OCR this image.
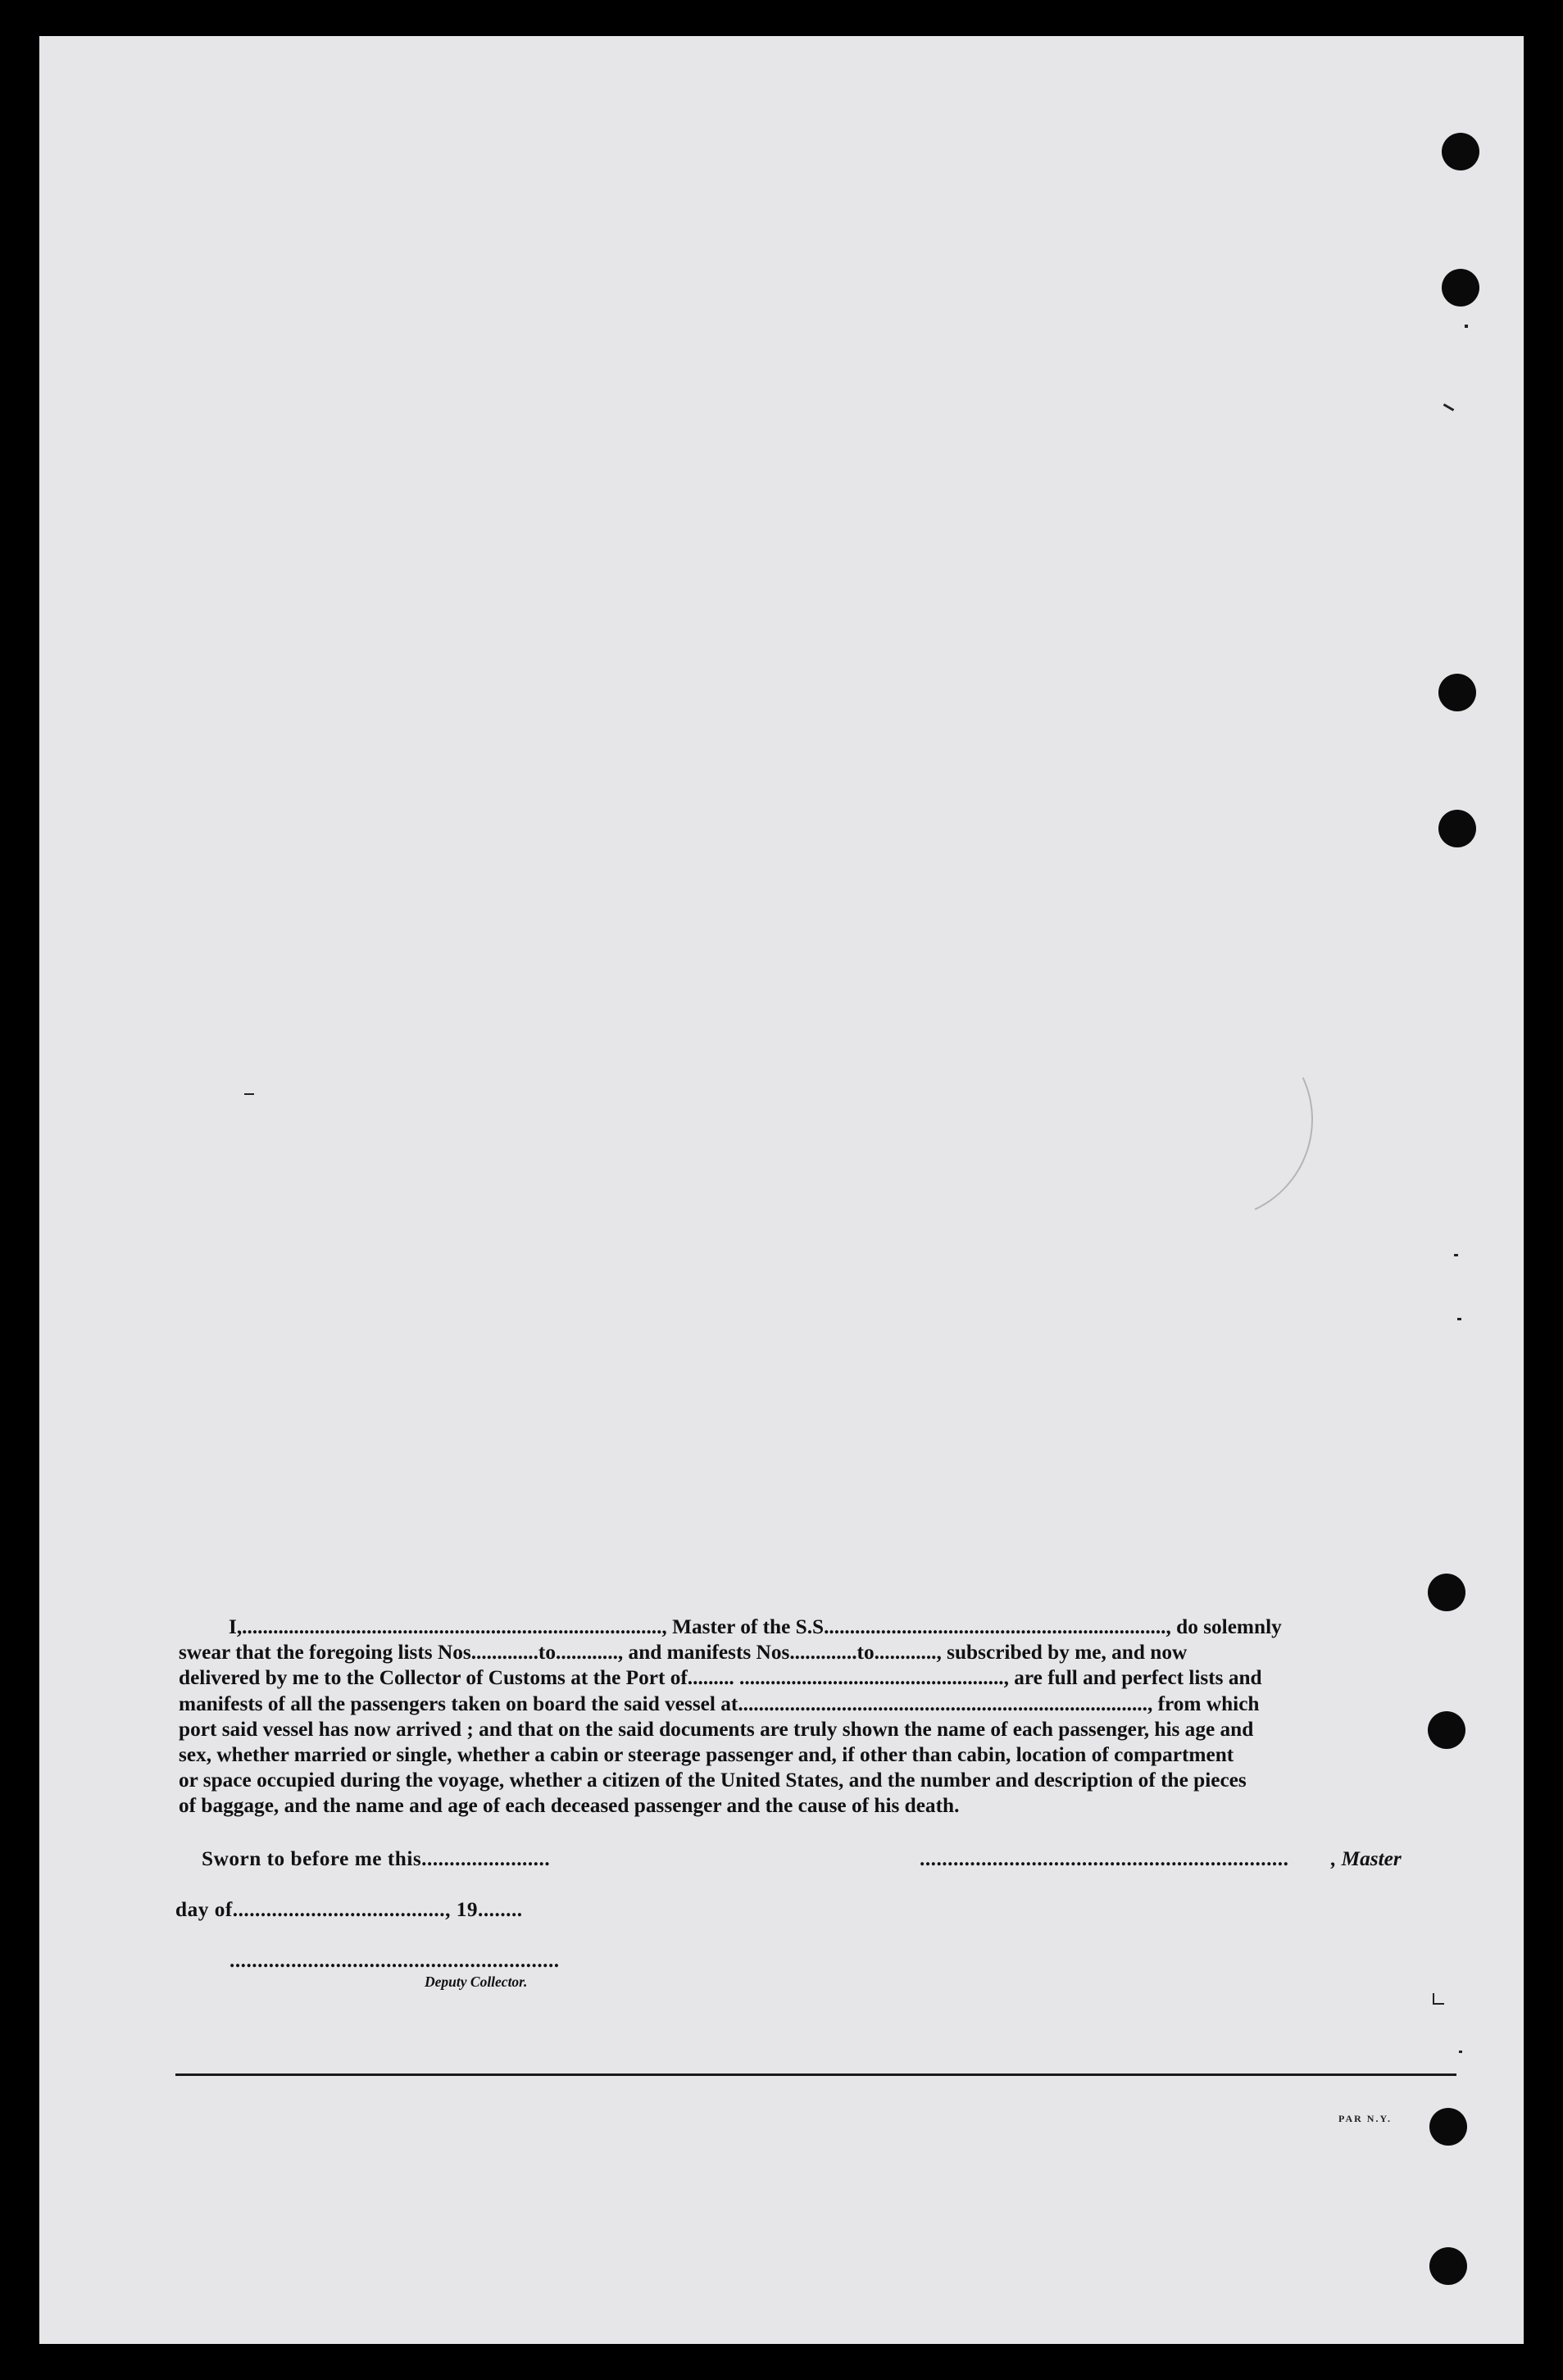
I,................................................................................., Master of the S.S.................................................................., do solemnly
swear that the foregoing lists Nos.............to............, and manifests Nos.............to............, subscribed by me, and now
delivered by me to the Collector of Customs at the Port of......... ..................................................., are full and perfect lists and
manifests of all the passengers taken on board the said vessel at..............................................................................., from which
port said vessel has now arrived ; and that on the said documents are truly shown the name of each passenger, his age and
sex, whether married or single, whether a cabin or steerage passenger and, if other than cabin, location of compartment
or space occupied during the voyage, whether a citizen of the United States, and the number and description of the pieces
of baggage, and the name and age of each deceased passenger and the cause of his death.
Sworn to before me this.......................	.................................................................. , Master
day of......................................, 19........
...........................................................
Deputy Collector.
PAR N.Y.
